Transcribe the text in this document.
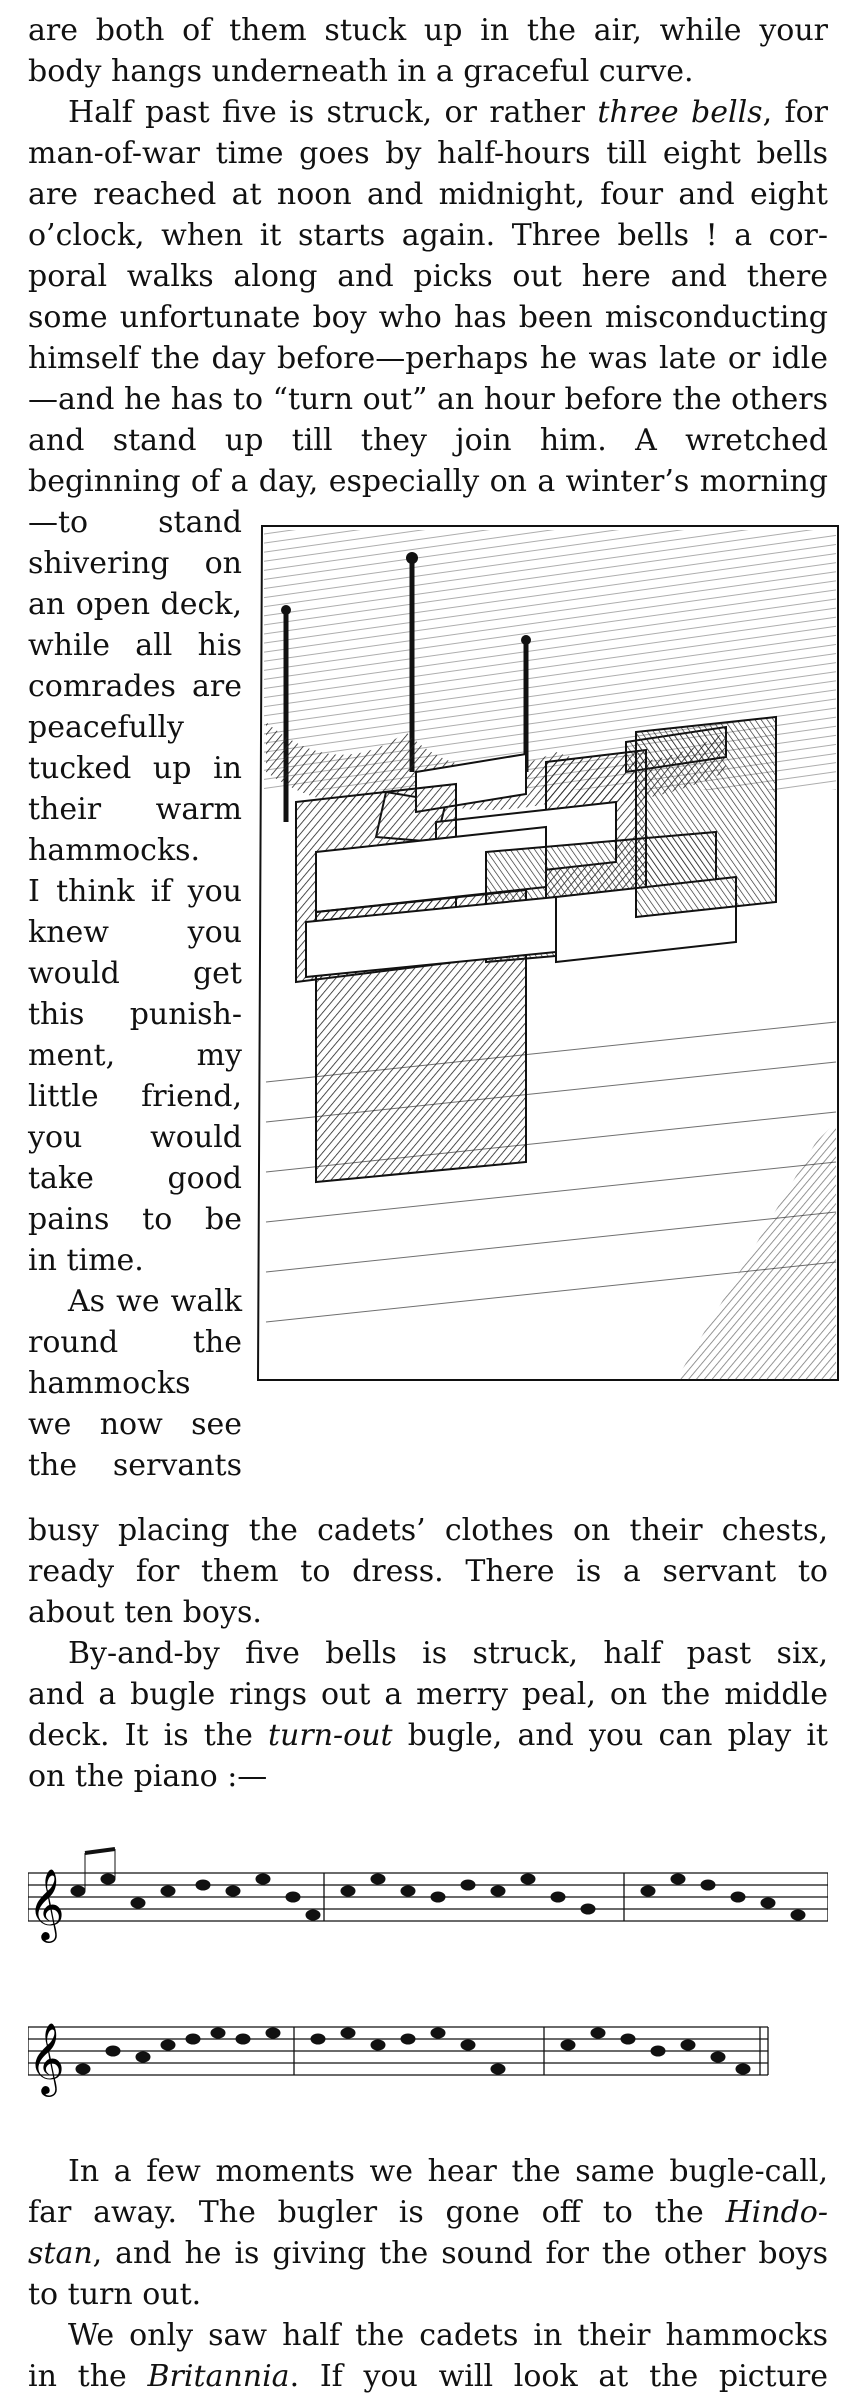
are both of them stuck up in the air, while your

body hangs underneath in a graceful curve.

Half past five is struck, or rather three bells, for

man-of-war time goes by half-hours till eight bells

are reached at noon and midnight, four and eight

o’clock, when it starts again. Three bells ! a cor-

poral walks along and picks out here and there

some unfortunate boy who has been misconducting

himself the day before—perhaps he was late or idle

—and he has to “turn out” an hour before the others

and stand up till they join him. A wretched

beginning of a day, especially on a winter’s morning

—to stand

shivering on

an open deck,

while all his

comrades are

peacefully

tucked up in

their warm

hammocks.

I think if you

knew you

would get

this punish-

ment, my

little friend,

you would

take good

pains to be

in time.

As we walk

round the

hammocks

we now see

the servants

busy placing the cadets’ clothes on their chests,

ready for them to dress. There is a servant to

about ten boys.

By-and-by five bells is struck, half past six,

and a bugle rings out a merry peal, on the middle

deck. It is the turn-out bugle, and you can play it

on the piano :—

𝄞

𝄞

In a few moments we hear the same bugle-call,

far away. The bugler is gone off to the Hindo-

stan, and he is giving the sound for the other boys

to turn out.

We only saw half the cadets in their hammocks

in the Britannia. If you will look at the picture
